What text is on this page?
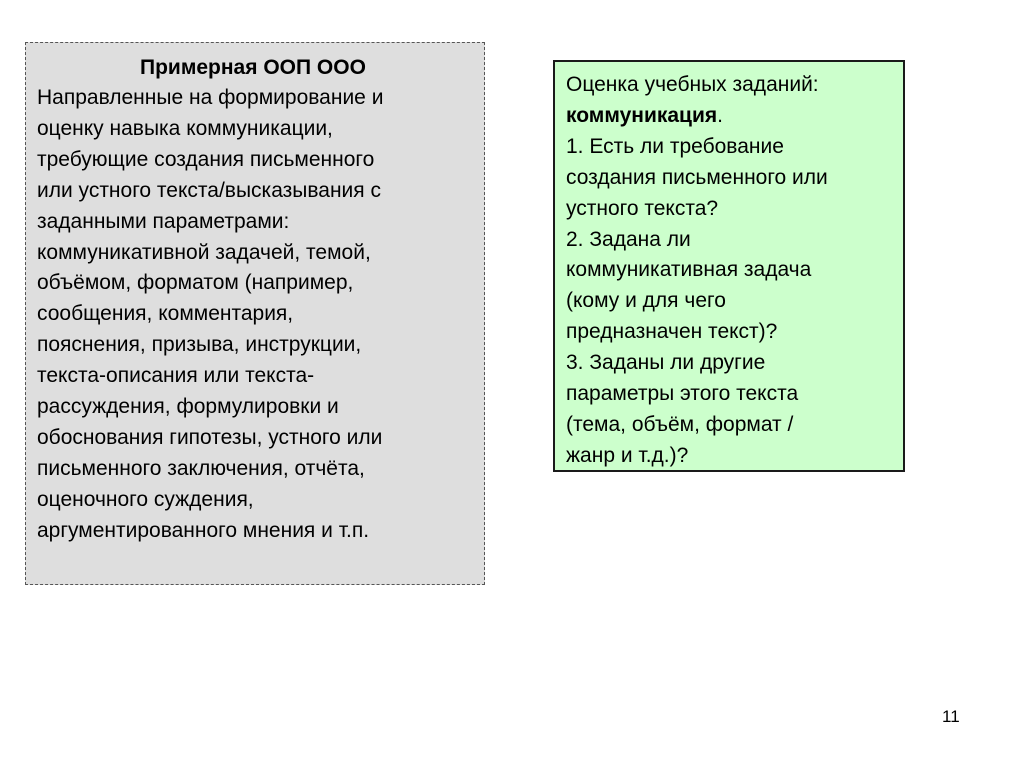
Примерная ООП ООО
Направленные на формирование и
оценку навыка коммуникации,
требующие создания письменного
или устного текста/высказывания с
заданными параметрами:
коммуникативной задачей, темой,
объёмом, форматом (например,
сообщения, комментария,
пояснения, призыва, инструкции,
текста-описания или текста-
рассуждения, формулировки и
обоснования гипотезы, устного или
письменного заключения, отчёта,
оценочного суждения,
аргументированного мнения и т.п.
Оценка учебных заданий:
коммуникация.
1. Есть ли требование
создания письменного или
устного текста?
2. Задана ли
коммуникативная задача
(кому и для чего
предназначен текст)?
3. Заданы ли другие
параметры этого текста
(тема, объём, формат /
жанр и т.д.)?
11
